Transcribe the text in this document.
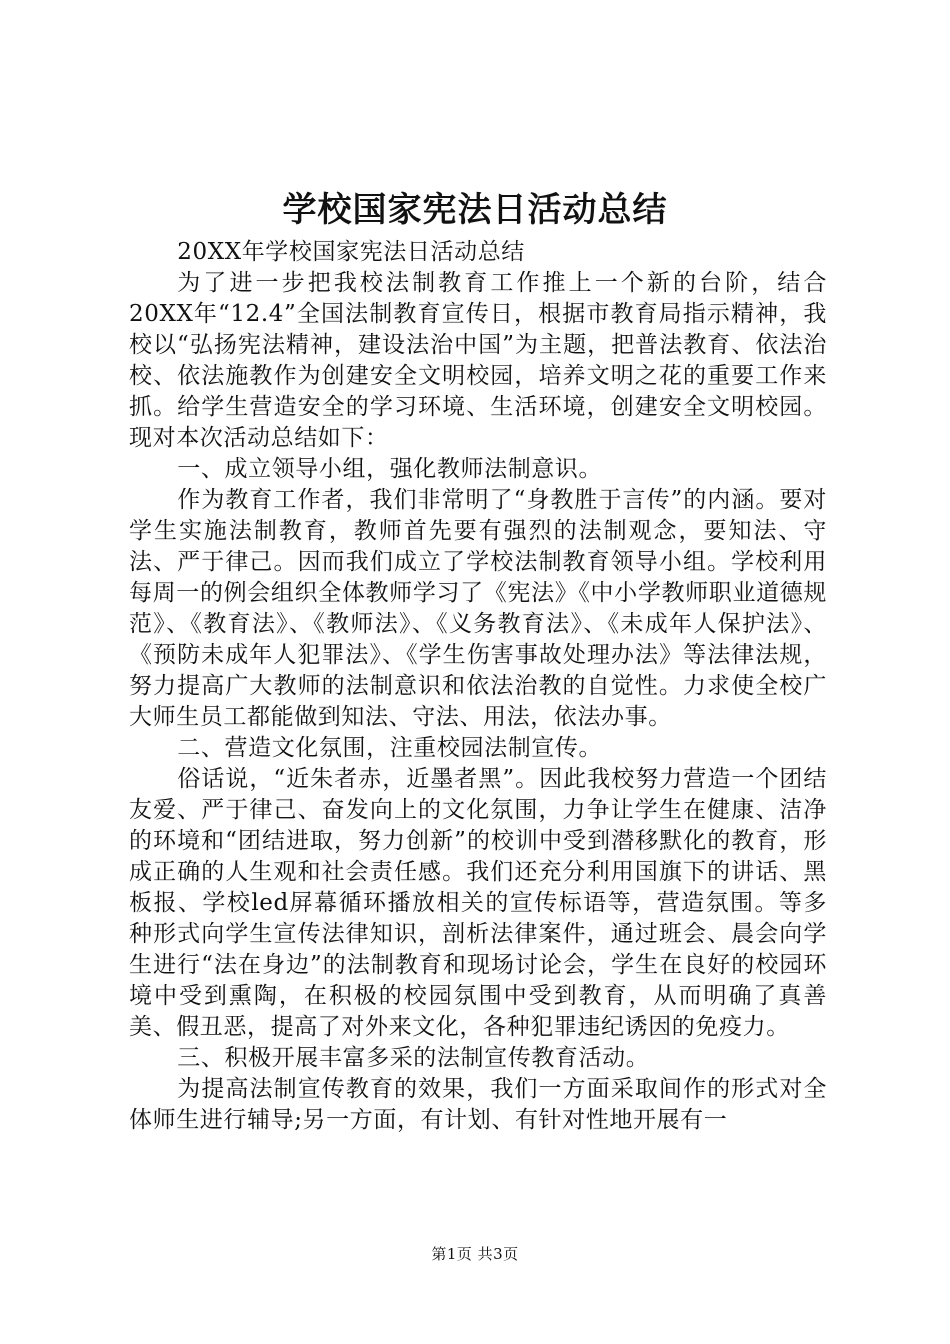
学校国家宪法日活动总结

20XX年学校国家宪法日活动总结

为了进一步把我校法制教育工作推上一个新的台阶，结合20XX年“12.4”全国法制教育宣传日，根据市教育局指示精神，我校以“弘扬宪法精神，建设法治中国”为主题，把普法教育、依法治校、依法施教作为创建安全文明校园，培养文明之花的重要工作来抓。给学生营造安全的学习环境、生活环境，创建安全文明校园。现对本次活动总结如下：

一、成立领导小组，强化教师法制意识。

作为教育工作者，我们非常明了“身教胜于言传”的内涵。要对学生实施法制教育，教师首先要有强烈的法制观念，要知法、守法、严于律己。因而我们成立了学校法制教育领导小组。学校利用每周一的例会组织全体教师学习了《宪法》《中小学教师职业道德规范》、《教育法》、《教师法》、《义务教育法》、《未成年人保护法》、《预防未成年人犯罪法》、《学生伤害事故处理办法》等法律法规，努力提高广大教师的法制意识和依法治教的自觉性。力求使全校广大师生员工都能做到知法、守法、用法，依法办事。

二、营造文化氛围，注重校园法制宣传。

俗话说，“近朱者赤，近墨者黑”。因此我校努力营造一个团结友爱、严于律己、奋发向上的文化氛围，力争让学生在健康、洁净的环境和“团结进取，努力创新”的校训中受到潜移默化的教育，形成正确的人生观和社会责任感。我们还充分利用国旗下的讲话、黑板报、学校led屏幕循环播放相关的宣传标语等，营造氛围。等多种形式向学生宣传法律知识，剖析法律案件，通过班会、晨会向学生进行“法在身边”的法制教育和现场讨论会，学生在良好的校园环境中受到熏陶，在积极的校园氛围中受到教育，从而明确了真善美、假丑恶，提高了对外来文化，各种犯罪违纪诱因的免疫力。

三、积极开展丰富多采的法制宣传教育活动。

为提高法制宣传教育的效果，我们一方面采取间作的形式对全体师生进行辅导;另一方面，有计划、有针对性地开展有一

第1页 共3页
